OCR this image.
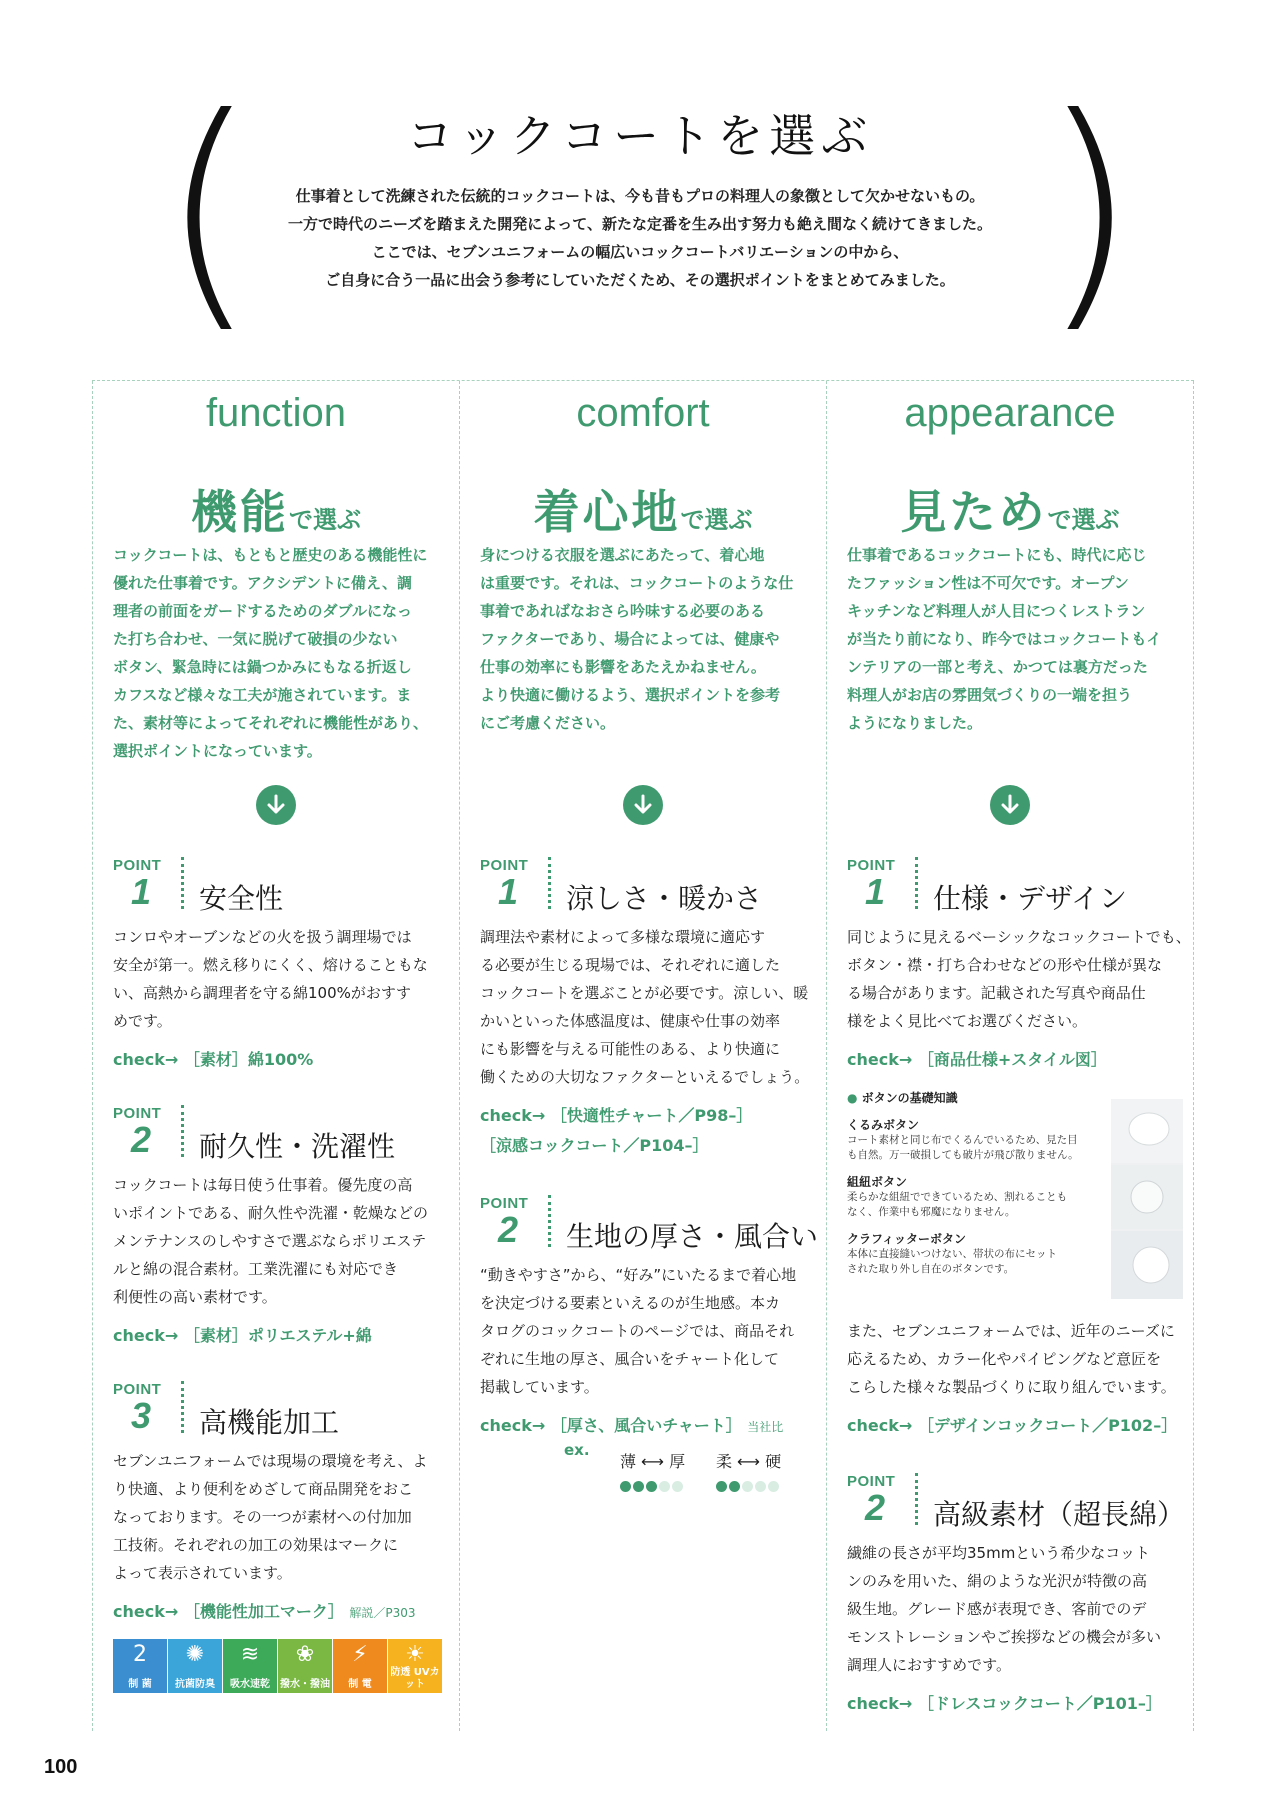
(	)
コックコートを選ぶ
仕事着として洗練された伝統的コックコートは、今も昔もプロの料理人の象徴として欠かせないもの。
一方で時代のニーズを踏まえた開発によって、新たな定番を生み出す努力も絶え間なく続けてきました。
ここでは、セブンユニフォームの幅広いコックコートバリエーションの中から、
ご自身に合う一品に出会う参考にしていただくため、その選択ポイントをまとめてみました。
function
機能で選ぶ
コックコートは、もともと歴史のある機能性に
優れた仕事着です。アクシデントに備え、調
理者の前面をガードするためのダブルになっ
た打ち合わせ、一気に脱げて破損の少ない
ボタン、緊急時には鍋つかみにもなる折返し
カフスなど様々な工夫が施されています。ま
た、素材等によってそれぞれに機能性があり、
選択ポイントになっています。
POINT
1 安全性
コンロやオーブンなどの火を扱う調理場では
安全が第一。燃え移りにくく、熔けることもな
い、高熱から調理者を守る綿100%がおすす
めです。
check→ ［素材］綿100%
POINT
2 耐久性・洗濯性
コックコートは毎日使う仕事着。優先度の高
いポイントである、耐久性や洗濯・乾燥などの
メンテナンスのしやすさで選ぶならポリエステ
ルと綿の混合素材。工業洗濯にも対応でき
利便性の高い素材です。
check→ ［素材］ポリエステル+綿
POINT
3 高機能加工
セブンユニフォームでは現場の環境を考え、よ
り快適、より便利をめざして商品開発をおこ
なっております。その一つが素材への付加加
工技術。それぞれの加工の効果はマークに
よって表示されています。
check→ ［機能性加工マーク］ 解説／P303
2
制 菌
✺
抗菌防臭
≋
吸水速乾
❀
撥水・撥油
⚡
制 電
☀
防透 UVカット
comfort
着心地で選ぶ
身につける衣服を選ぶにあたって、着心地
は重要です。それは、コックコートのような仕
事着であればなおさら吟味する必要のある
ファクターであり、場合によっては、健康や
仕事の効率にも影響をあたえかねません。
より快適に働けるよう、選択ポイントを参考
にご考慮ください。
POINT
1 涼しさ・暖かさ
調理法や素材によって多様な環境に適応す
る必要が生じる現場では、それぞれに適した
コックコートを選ぶことが必要です。涼しい、暖
かいといった体感温度は、健康や仕事の効率
にも影響を与える可能性のある、より快適に
働くための大切なファクターといえるでしょう。
check→ ［快適性チャート／P98–］
［涼感コックコート／P104–］
POINT
2 生地の厚さ・風合い
“動きやすさ”から、“好み”にいたるまで着心地
を決定づける要素といえるのが生地感。本カ
タログのコックコートのページでは、商品それ
ぞれに生地の厚さ、風合いをチャート化して
掲載しています。
check→ ［厚さ、風合いチャート］ 当社比
ex.
薄 ⟷ 厚 柔 ⟷ 硬
appearance
見ためで選ぶ
仕事着であるコックコートにも、時代に応じ
たファッション性は不可欠です。オープン
キッチンなど料理人が人目につくレストラン
が当たり前になり、昨今ではコックコートもイ
ンテリアの一部と考え、かつては裏方だった
料理人がお店の雰囲気づくりの一端を担う
ようになりました。
POINT
1 仕様・デザイン
同じように見えるベーシックなコックコートでも、
ボタン・襟・打ち合わせなどの形や仕様が異な
る場合があります。記載された写真や商品仕
様をよく見比べてお選びください。
check→ ［商品仕様+スタイル図］
● ボタンの基礎知識
くるみボタン
コート素材と同じ布でくるんでいるため、見た目
も自然。万一破損しても破片が飛び散りません。
組紐ボタン
柔らかな組紐でできているため、割れることも
なく、作業中も邪魔になりません。
クラフィッターボタン
本体に直接縫いつけない、帯状の布にセット
された取り外し自在のボタンです。
また、セブンユニフォームでは、近年のニーズに
応えるため、カラー化やパイピングなど意匠を
こらした様々な製品づくりに取り組んでいます。
check→ ［デザインコックコート／P102–］
POINT
2 高級素材（超長綿）
繊維の長さが平均35mmという希少なコット
ンのみを用いた、絹のような光沢が特徴の高
級生地。グレード感が表現でき、客前でのデ
モンストレーションやご挨拶などの機会が多い
調理人におすすめです。
check→ ［ドレスコックコート／P101–］
100
